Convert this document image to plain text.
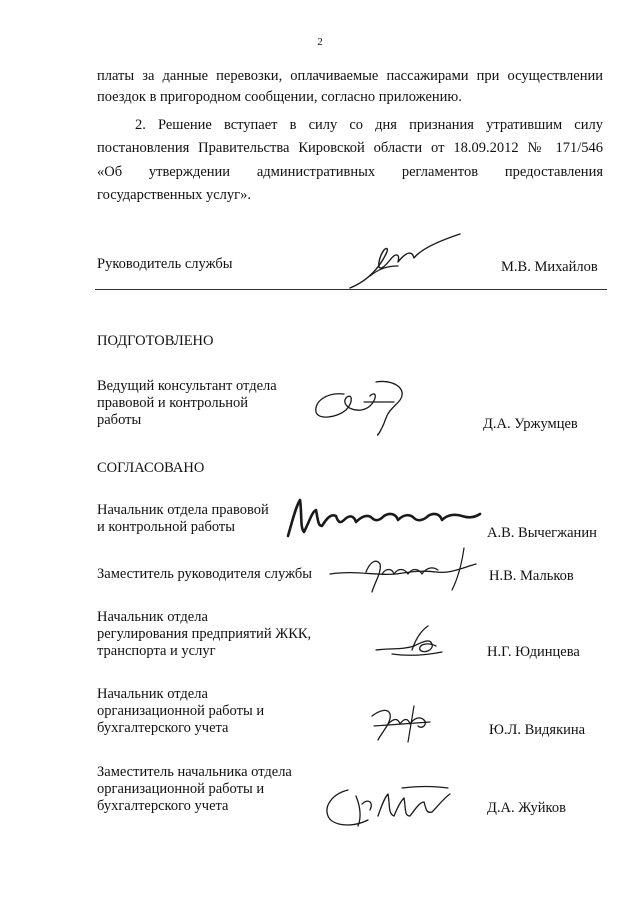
2
платы за данные перевозки, оплачиваемые пассажирами при осуществлении
поездок в пригородном сообщении, согласно приложению.
2. Решение вступает в силу со дня признания утратившим силу
постановления Правительства Кировской области от 18.09.2012 № 171/546
«Об утверждении административных регламентов предоставления
государственных услуг».
Руководитель службы	М.В. Михайлов
ПОДГОТОВЛЕНО
Ведущий консультант отдела
правовой и контрольной
работы	Д.А. Уржумцев
СОГЛАСОВАНО
Начальник отдела правовой
и контрольной работы	А.В. Вычегжанин
Заместитель руководителя службы	Н.В. Мальков
Начальник отдела
регулирования предприятий ЖКК,
транспорта и услуг	Н.Г. Юдинцева
Начальник отдела
организационной работы и
бухгалтерского учета	Ю.Л. Видякина
Заместитель начальника отдела
организационной работы и
бухгалтерского учета	Д.А. Жуйков
